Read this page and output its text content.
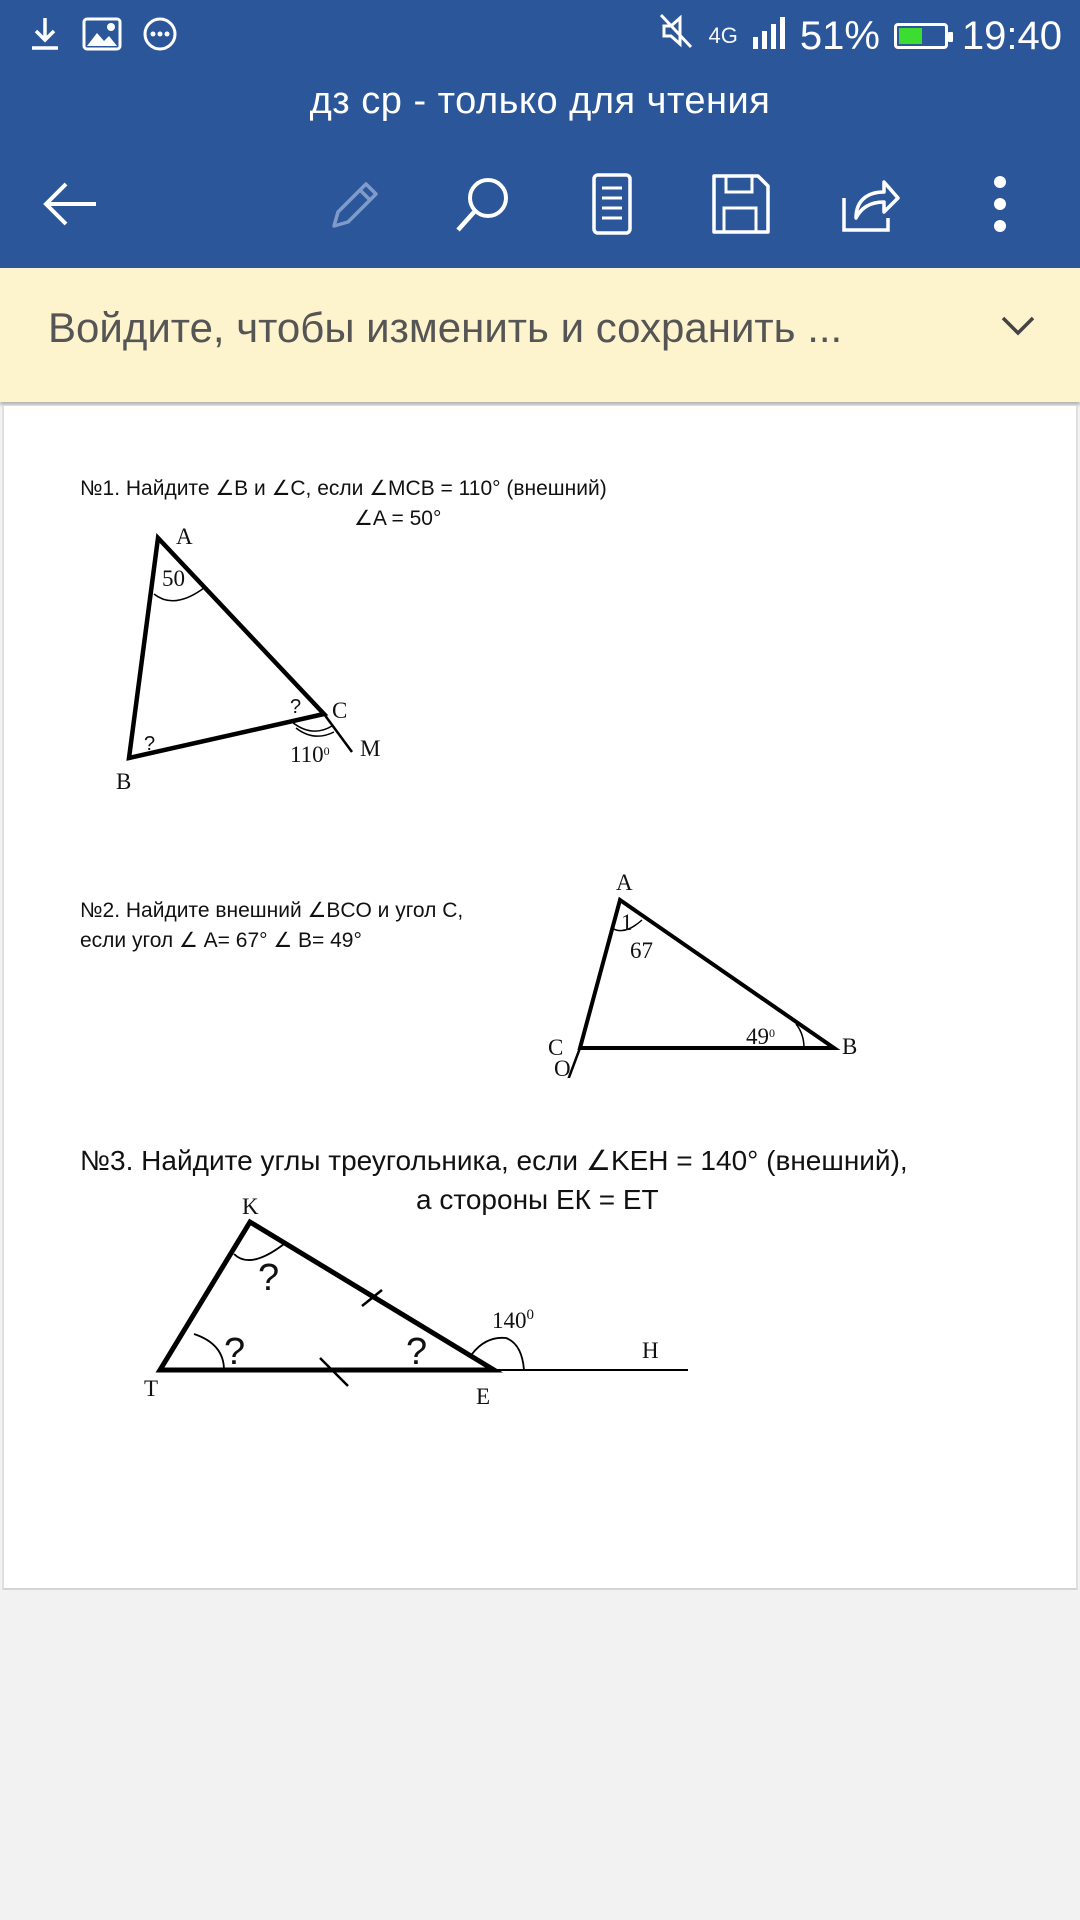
4G 51% 19:40
дз ср - только для чтения
Войдите, чтобы изменить и сохранить ...
№1. Найдите ∠B и ∠C, если ∠MCB = 110° (внешний)
∠A = 50°
A
B
C
M
50
?
?
$110^0$
№2. Найдите внешний ∠BCO и угол С,
если угол ∠ A= 67° ∠ B= 49°
A
B
C
O
1
67
$49^0$
№3. Найдите углы треугольника, если ∠KEH = 140° (внешний),
а стороны ЕК = ЕТ
K
T	E
H
?
?	?
$140^0$
